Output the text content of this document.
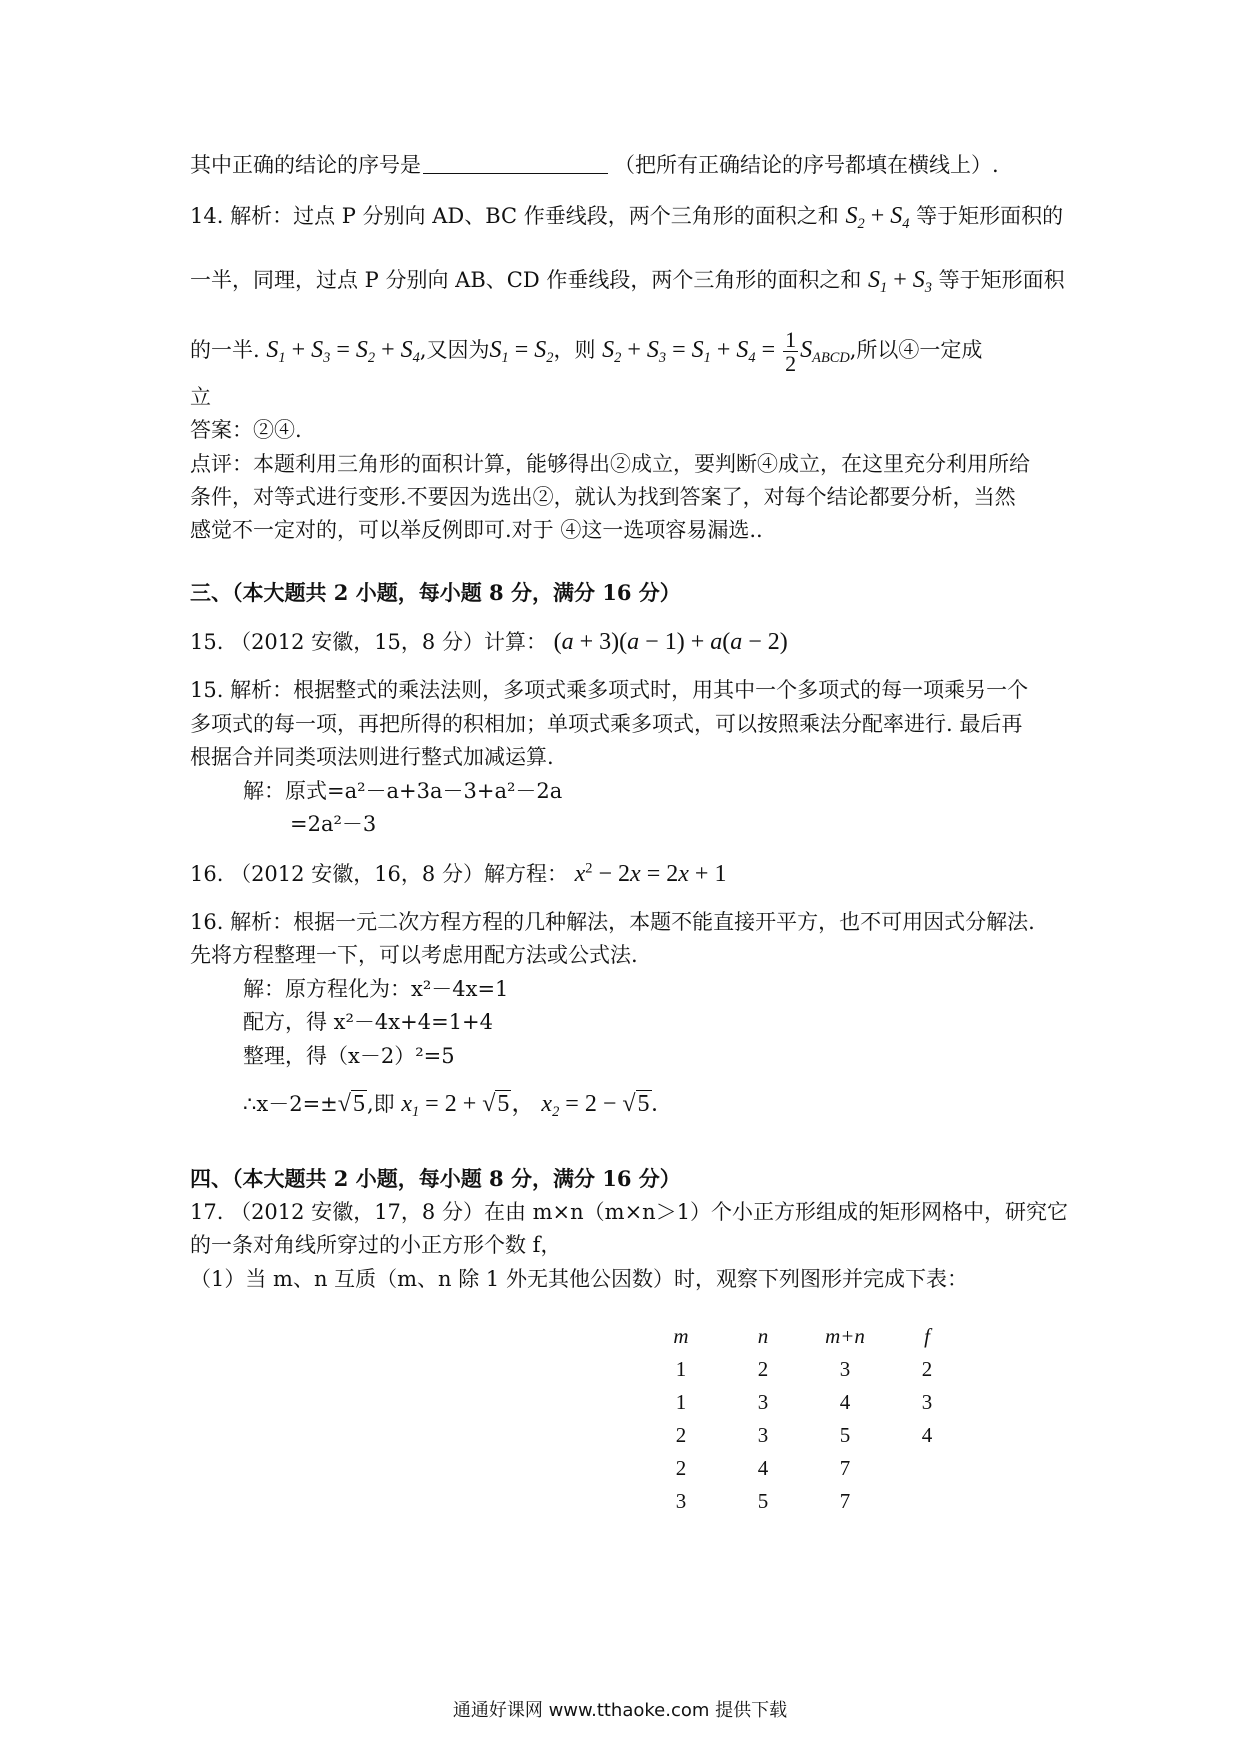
其中正确的结论的序号是	（把所有正确结论的序号都填在横线上）.
14. 解析：过点 P 分别向 AD、BC 作垂线段，两个三角形的面积之和 $S_2 + S_4$ 等于矩形面积的
一半，同理，过点 P 分别向 AB、CD 作垂线段，两个三角形的面积之和 $S_1 + S_3$ 等于矩形面积
的一半. $S_1 + S_3 = S_2 + S_4$,又因为$S_1 = S_2$，则 $S_2 + S_3 = S_1 + S_4 = \frac{1}{2} S_{ABCD}$,所以④一定成
立
答案：②④.
点评：本题利用三角形的面积计算，能够得出②成立，要判断④成立，在这里充分利用所给
条件，对等式进行变形.不要因为选出②，就认为找到答案了，对每个结论都要分析，当然
感觉不一定对的，可以举反例即可.对于 ④这一选项容易漏选..
三、（本大题共 2 小题，每小题 8 分，满分 16 分）
15. （2012 安徽，15，8 分）计算： (a + 3)(a − 1) + a(a − 2)
15. 解析：根据整式的乘法法则，多项式乘多项式时，用其中一个多项式的每一项乘另一个
多项式的每一项，再把所得的积相加；单项式乘多项式，可以按照乘法分配率进行. 最后再
根据合并同类项法则进行整式加减运算.
解：原式=a²－a+3a－3+a²－2a
=2a²－3
16. （2012 安徽，16，8 分）解方程： $x^2 - 2x = 2x + 1$
16. 解析：根据一元二次方程方程的几种解法，本题不能直接开平方，也不可用因式分解法.
先将方程整理一下，可以考虑用配方法或公式法.
解：原方程化为：x²－4x=1
配方，得 x²－4x+4=1+4
整理，得（x－2）²=5
∴x－2=±√5,即 $x_1 = 2 + √5$， $x_2 = 2 - √5$.
四、（本大题共 2 小题，每小题 8 分，满分 16 分）
17. （2012 安徽，17，8 分）在由 m×n（m×n＞1）个小正方形组成的矩形网格中，研究它
的一条对角线所穿过的小正方形个数 f，
（1）当 m、n 互质（m、n 除 1 外无其他公因数）时，观察下列图形并完成下表：
m	n	m+n	f
1	2	3	2
1	3	4	3
2	3	5	4
2	4	7	
3	5	7	
通通好课网 www.tthaoke.com 提供下载
